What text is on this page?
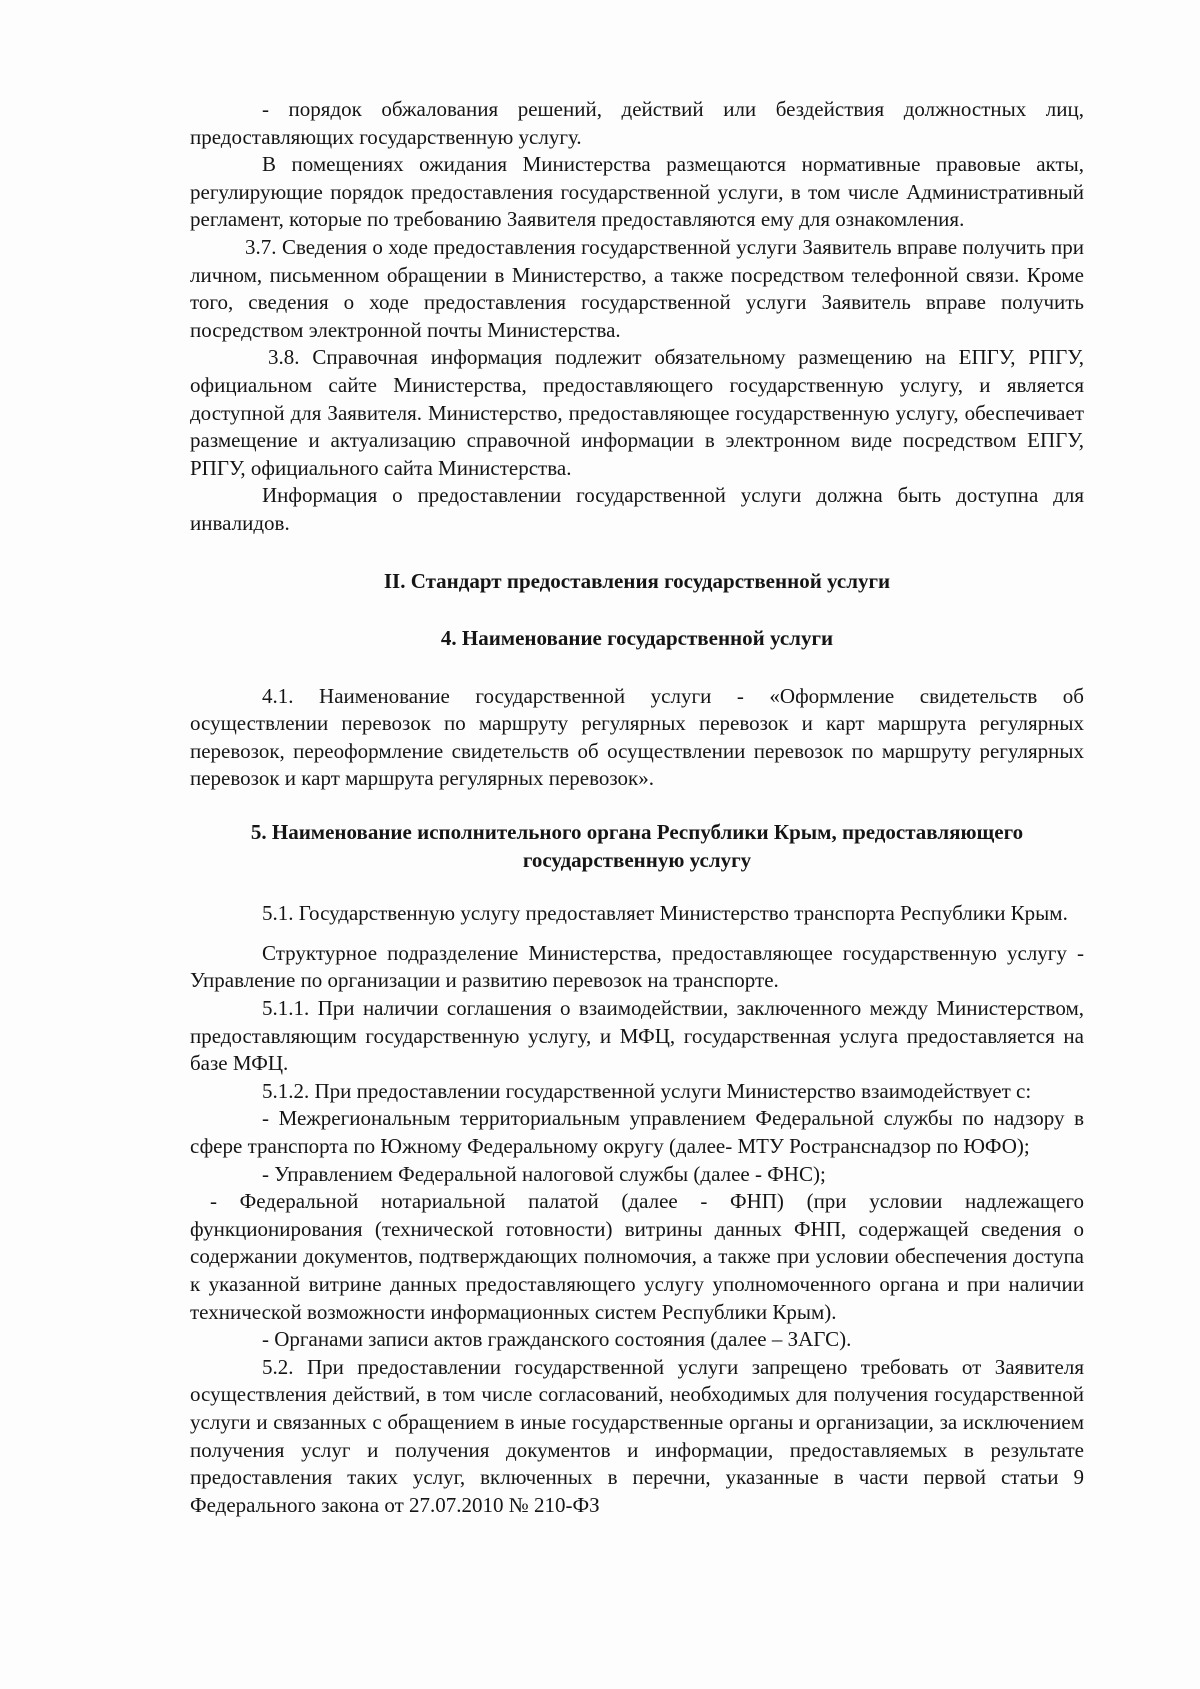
- порядок обжалования решений, действий или бездействия должностных лиц, предоставляющих государственную услугу.

В помещениях ожидания Министерства размещаются нормативные правовые акты, регулирующие порядок предоставления государственной услуги, в том числе Административный регламент, которые по требованию Заявителя предоставляются ему для ознакомления.

3.7. Сведения о ходе предоставления государственной услуги Заявитель вправе получить при личном, письменном обращении в Министерство, а также посредством телефонной связи. Кроме того, сведения о ходе предоставления государственной услуги Заявитель вправе получить посредством электронной почты Министерства.

3.8. Справочная информация подлежит обязательному размещению на ЕПГУ, РПГУ, официальном сайте Министерства, предоставляющего государственную услугу, и является доступной для Заявителя. Министерство, предоставляющее государственную услугу, обеспечивает размещение и актуализацию справочной информации в электронном виде посредством ЕПГУ, РПГУ, официального сайта Министерства.

Информация о предоставлении государственной услуги должна быть доступна для инвалидов.

II. Стандарт предоставления государственной услуги
4. Наименование государственной услуги

4.1. Наименование государственной услуги - «Оформление свидетельств об осуществлении перевозок по маршруту регулярных перевозок и карт маршрута регулярных перевозок, переоформление свидетельств об осуществлении перевозок по маршруту регулярных перевозок и карт маршрута регулярных перевозок».

5. Наименование исполнительного органа Республики Крым, предоставляющего
государственную услугу

5.1. Государственную услугу предоставляет Министерство транспорта Республики Крым.

Структурное подразделение Министерства, предоставляющее государственную услугу - Управление по организации и развитию перевозок на транспорте.

5.1.1. При наличии соглашения о взаимодействии, заключенного между Министерством, предоставляющим государственную услугу, и МФЦ, государственная услуга предоставляется на базе МФЦ.

5.1.2. При предоставлении государственной услуги Министерство взаимодействует с:

- Межрегиональным территориальным управлением Федеральной службы по надзору в сфере транспорта по Южному Федеральному округу (далее- МТУ Ространснадзор по ЮФО);

- Управлением Федеральной налоговой службы (далее - ФНС);

- Федеральной нотариальной палатой (далее - ФНП) (при условии надлежащего функционирования (технической готовности) витрины данных ФНП, содержащей сведения о содержании документов, подтверждающих полномочия, а также при условии обеспечения доступа к указанной витрине данных предоставляющего услугу уполномоченного органа и при наличии технической возможности информационных систем Республики Крым).

- Органами записи актов гражданского состояния (далее – ЗАГС).

5.2. При предоставлении государственной услуги запрещено требовать от Заявителя осуществления действий, в том числе согласований, необходимых для получения государственной услуги и связанных с обращением в иные государственные органы и организации, за исключением получения услуг и получения документов и информации, предоставляемых в результате предоставления таких услуг, включенных в перечни, указанные в части первой статьи 9 Федерального закона от 27.07.2010 № 210-ФЗ
